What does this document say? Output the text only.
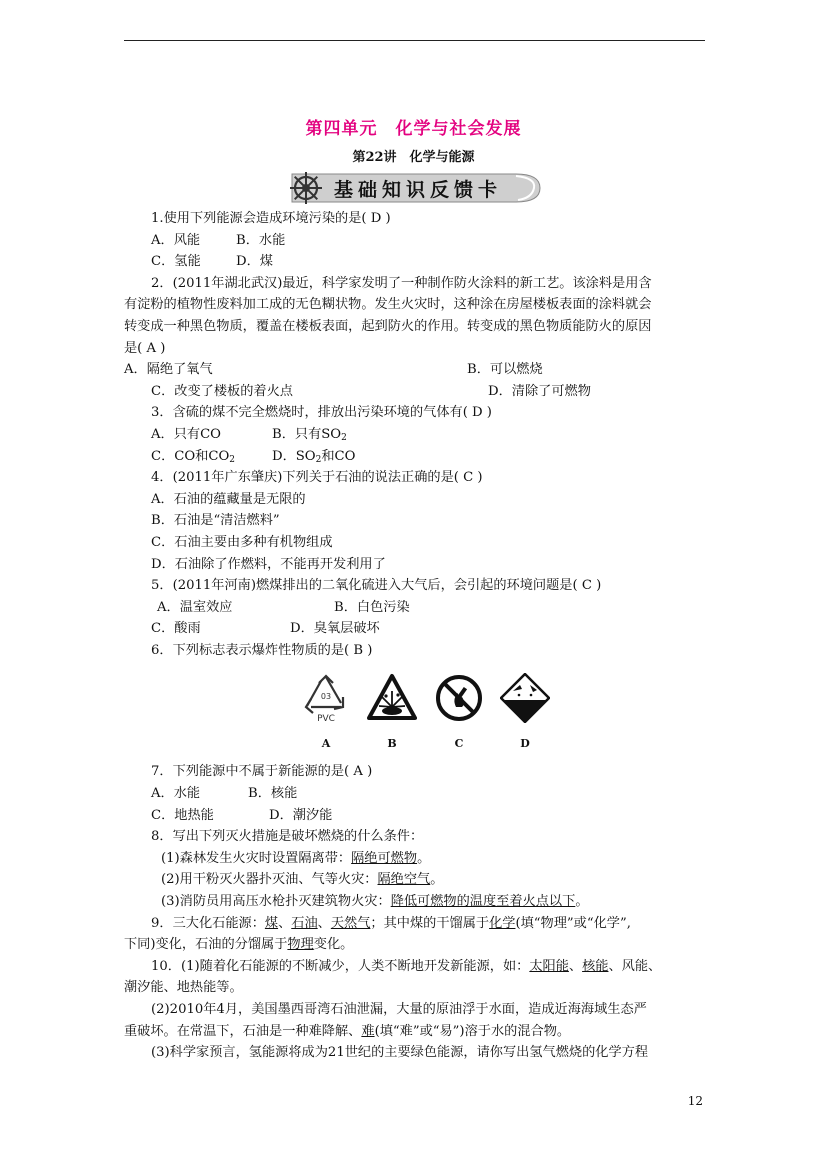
第四单元　化学与社会发展
第22讲　化学与能源
基础知识反馈卡
1.使用下列能源会造成环境污染的是( D )
A．风能	B．水能
C．氢能	D．煤
2．(2011年湖北武汉)最近，科学家发明了一种制作防火涂料的新工艺。该涂料是用含
有淀粉的植物性废料加工成的无色糊状物。发生火灾时，这种涂在房屋楼板表面的涂料就会
转变成一种黑色物质，覆盖在楼板表面，起到防火的作用。转变成的黑色物质能防火的原因
是( A )
A．隔绝了氧气	B．可以燃烧
C．改变了楼板的着火点	D．清除了可燃物
3．含硫的煤不完全燃烧时，排放出污染环境的气体有( D )
A．只有CO	B．只有$SO_2$
C．CO和$CO_2$	D．$SO_2$和CO
4．(2011年广东肇庆)下列关于石油的说法正确的是( C )
A．石油的蕴藏量是无限的
B．石油是“清洁燃料”
C．石油主要由多种有机物组成
D．石油除了作燃料，不能再开发利用了
5．(2011年河南)燃煤排出的二氧化硫进入大气后，会引起的环境问题是( C )
A．温室效应	B．白色污染
C．酸雨	D．臭氧层破坏
6．下列标志表示爆炸性物质的是( B )
03
PVC
A	B	C	D
7．下列能源中不属于新能源的是( A )
A．水能	B．核能
C．地热能	D．潮汐能
8．写出下列灭火措施是破坏燃烧的什么条件：
(1)森林发生火灾时设置隔离带：隔绝可燃物。
(2)用干粉灭火器扑灭油、气等火灾：隔绝空气。
(3)消防员用高压水枪扑灭建筑物火灾：降低可燃物的温度至着火点以下。
9．三大化石能源：煤、石油、天然气；其中煤的干馏属于化学(填“物理”或“化学”,
下同)变化，石油的分馏属于物理变化。
10．(1)随着化石能源的不断减少，人类不断地开发新能源，如：太阳能、核能、风能、
潮汐能、地热能等。
(2)2010年4月，美国墨西哥湾石油泄漏，大量的原油浮于水面，造成近海海域生态严
重破坏。在常温下，石油是一种难降解、难(填“难”或“易”)溶于水的混合物。
(3)科学家预言，氢能源将成为21世纪的主要绿色能源，请你写出氢气燃烧的化学方程
12
